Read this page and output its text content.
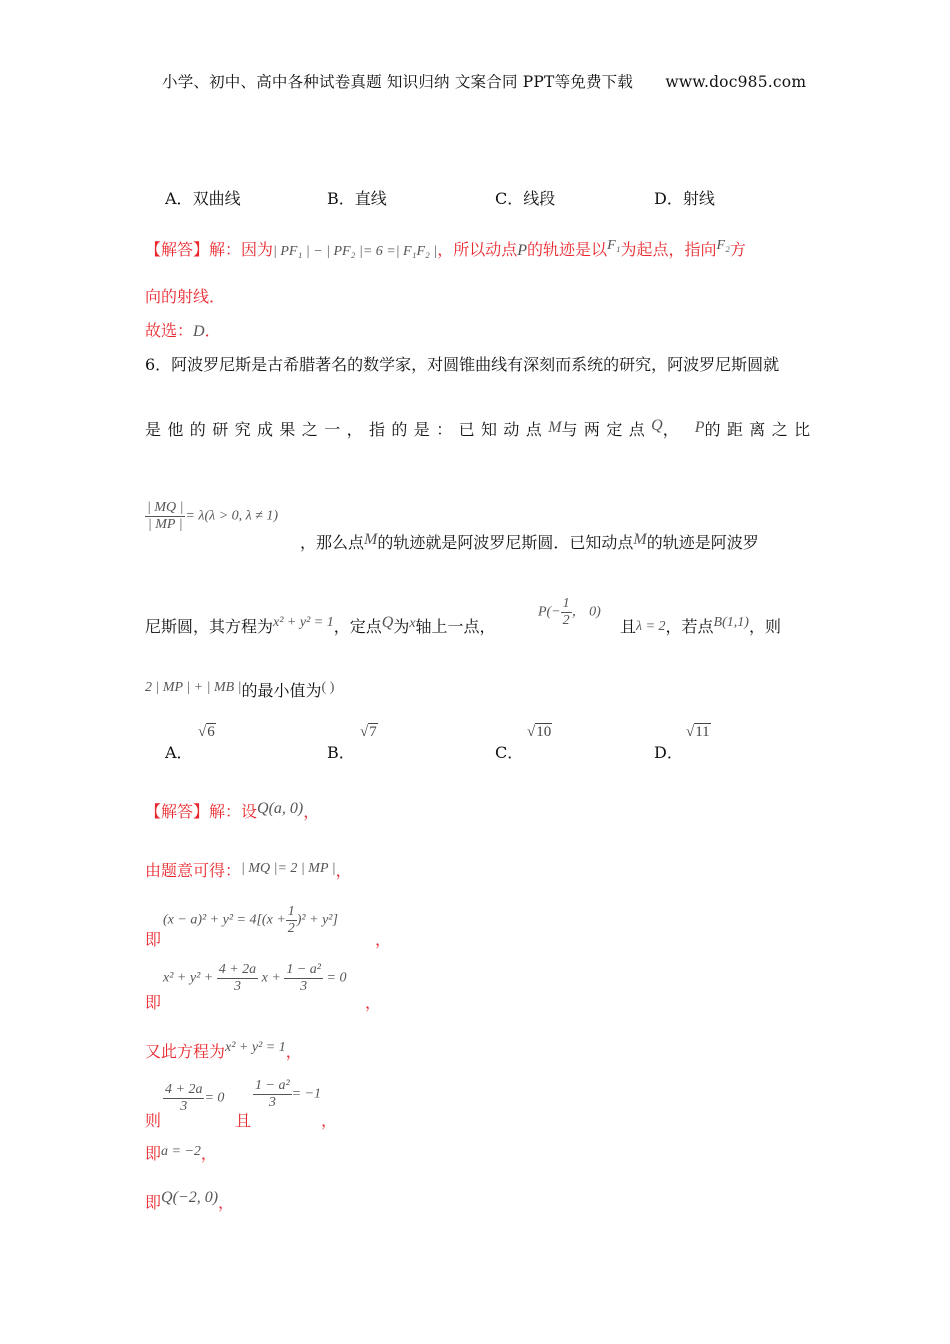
小学、初中、高中各种试卷真题 知识归纳 文案合同 PPT等免费下载 www.doc985.com
A．双曲线	B．直线	C．线段	D．射线
【解答】解：因为| PF₁ | − | PF₂ |= 6 =| F₁F₂ |，所以动点P的轨迹是以F₁为起点，指向F₂方
向的射线．
故选：D．
6．阿波罗尼斯是古希腊著名的数学家，对圆锥曲线有深刻而系统的研究，阿波罗尼斯圆就
是他的研究成果之一，指的是：已知动点M与两定点Q， P的距离之比
$\frac{| MQ |}{| MP |} = \lambda(\lambda > 0$, λ ≠ 1)
，那么点M的轨迹就是阿波罗尼斯圆．已知动点M的轨迹是阿波罗
尼斯圆，其方程为x² + y² = 1，定点Q为x轴上一点，
$P(- \frac{1}{2}$ ， 0)
且λ = 2，若点B(1,1)，则
2 | MP | + | MB |的最小值为( )
A．
√6
B．
√7
C．
√10
D．
√11
【解答】解：设Q(a, 0)，
由题意可得：| MQ |= 2 | MP |，
$(x - a)^2 + y^2 = 4[(x + \frac{1}{2} )^2 + y^2]$
即	，
$x^2 + y^2 + \frac{4 + 2a}{3}$ $x + \frac{\text{1 − a²}}{3} = 0$
即	，
又此方程为x² + y² = 1，
$\frac{4 + 2a}{3} = 0 \frac{\text{1 − a²}}{3} = -1$
则	且	，
即a = −2，
即Q(−2, 0)，
